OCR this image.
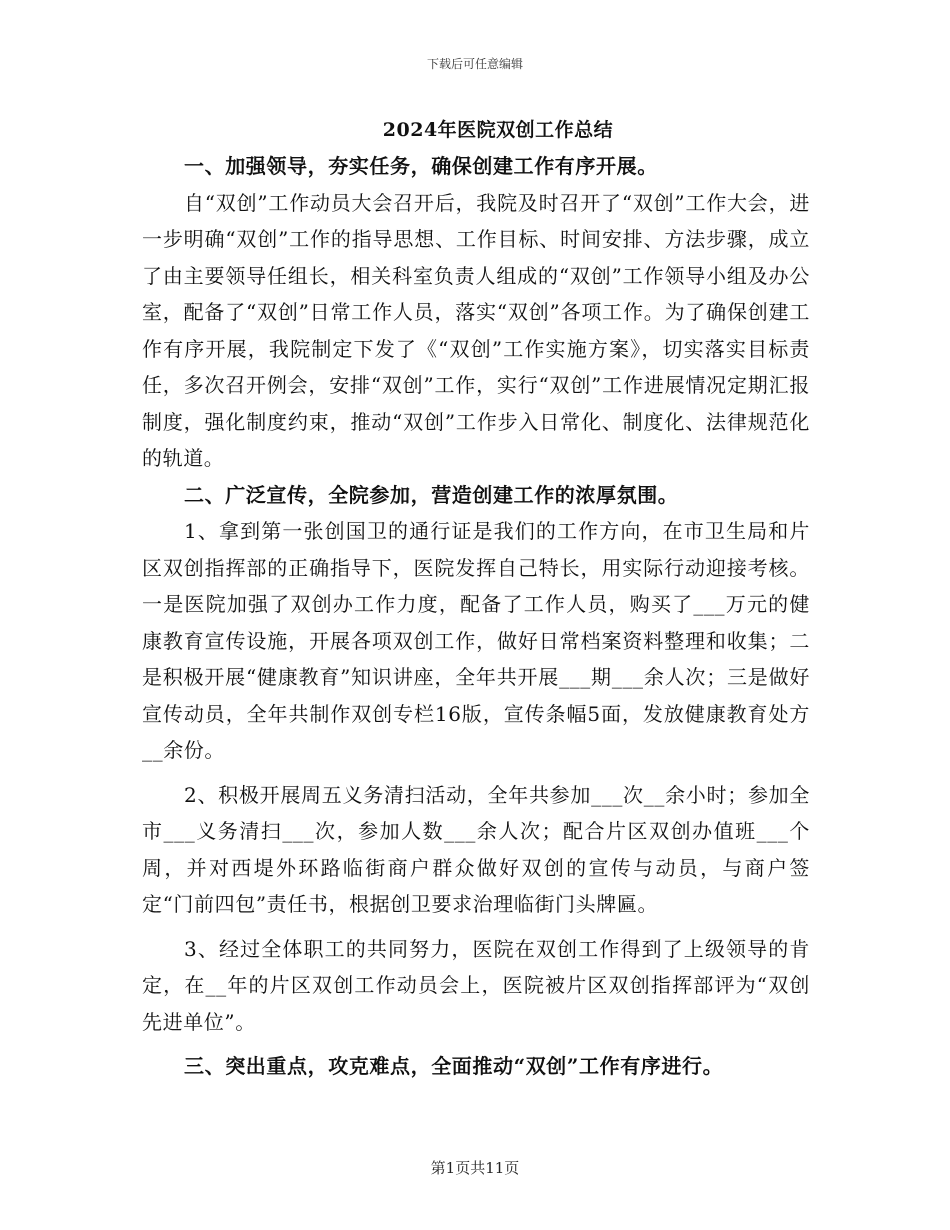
下载后可任意编辑
2024年医院双创工作总结

一、加强领导，夯实任务，确保创建工作有序开展。

自“双创”工作动员大会召开后，我院及时召开了“双创”工作大会，进一步明确“双创”工作的指导思想、工作目标、时间安排、方法步骤，成立了由主要领导任组长，相关科室负责人组成的“双创”工作领导小组及办公室，配备了“双创”日常工作人员，落实“双创”各项工作。为了确保创建工作有序开展，我院制定下发了《“双创”工作实施方案》，切实落实目标责任，多次召开例会，安排“双创”工作，实行“双创”工作进展情况定期汇报制度，强化制度约束，推动“双创”工作步入日常化、制度化、法律规范化的轨道。

二、广泛宣传，全院参加，营造创建工作的浓厚氛围。

1、拿到第一张创国卫的通行证是我们的工作方向，在市卫生局和片区双创指挥部的正确指导下，医院发挥自己特长，用实际行动迎接考核。一是医院加强了双创办工作力度，配备了工作人员，购买了___万元的健康教育宣传设施，开展各项双创工作，做好日常档案资料整理和收集；二是积极开展“健康教育”知识讲座，全年共开展___期___余人次；三是做好宣传动员，全年共制作双创专栏16版，宣传条幅5面，发放健康教育处方__余份。

2、积极开展周五义务清扫活动，全年共参加___次__余小时；参加全市___义务清扫___次，参加人数___余人次；配合片区双创办值班___个周，并对西堤外环路临街商户群众做好双创的宣传与动员，与商户签定“门前四包”责任书，根据创卫要求治理临街门头牌匾。

3、经过全体职工的共同努力，医院在双创工作得到了上级领导的肯定，在__年的片区双创工作动员会上，医院被片区双创指挥部评为“双创先进单位”。

三、突出重点，攻克难点，全面推动“双创”工作有序进行。

第1页共11页
